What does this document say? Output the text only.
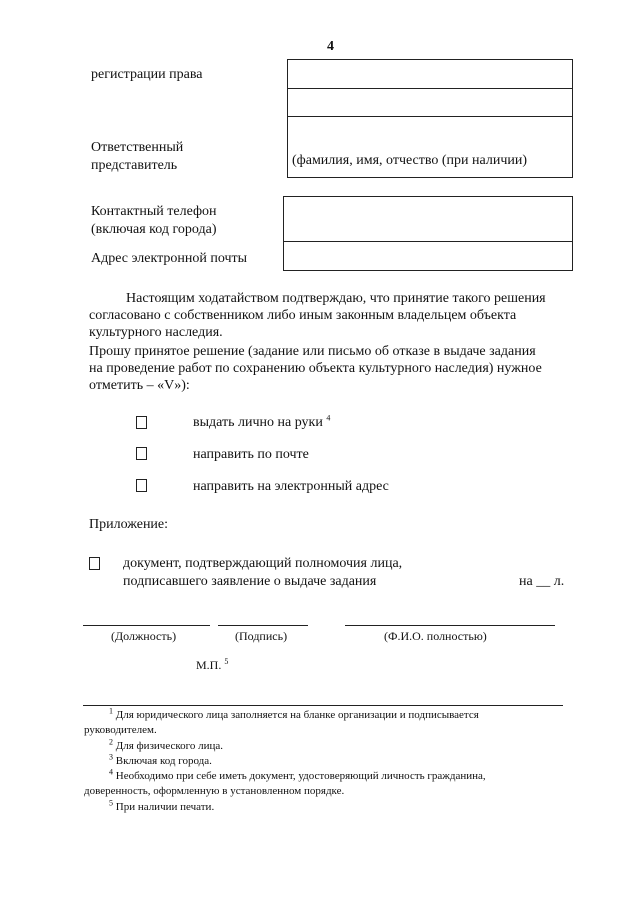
4
регистрации права
Ответственный
представитель	(фамилия, имя, отчество (при наличии)
Контактный телефон
(включая код города)
Адрес электронной почты
Настоящим ходатайством подтверждаю, что принятие такого решения
согласовано с собственником либо иным законным владельцем объекта
культурного наследия.
Прошу принятое решение (задание или письмо об отказе в выдаче задания
на проведение работ по сохранению объекта культурного наследия) нужное
отметить – «V»):
выдать лично на руки $^4$
направить по почте
направить на электронный адрес
Приложение:
документ, подтверждающий полномочия лица,
подписавшего заявление о выдаче задания	на __ л.
(Должность)	(Подпись)	(Ф.И.О. полностью)
М.П. $^5$
$^1$ Для юридического лица заполняется на бланке организации и подписывается
руководителем.
$^2$ Для физического лица.
$^3$ Включая код города.
$^4$ Необходимо при себе иметь документ, удостоверяющий личность гражданина,
доверенность, оформленную в установленном порядке.
$^5$ При наличии печати.
